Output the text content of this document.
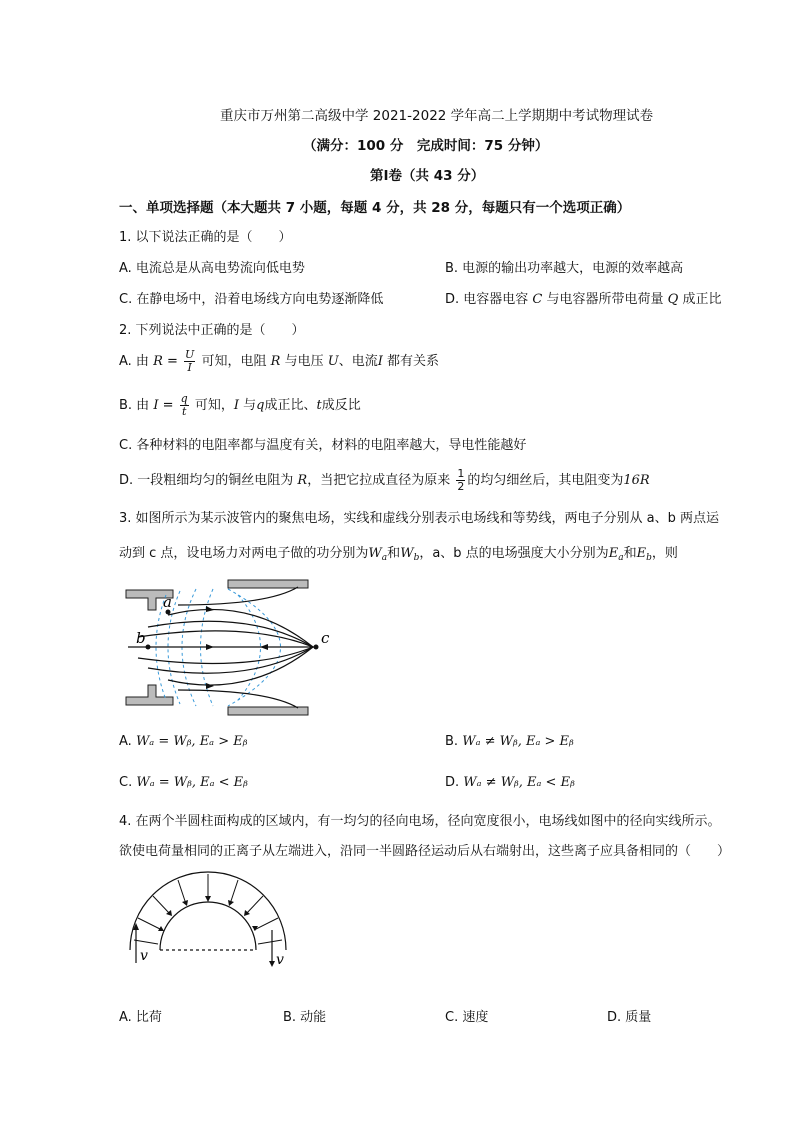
重庆市万州第二高级中学 2021-2022 学年高二上学期期中考试物理试卷
（满分：100 分　完成时间：75 分钟）
第Ⅰ卷（共 43 分）
一、单项选择题（本大题共 7 小题，每题 4 分，共 28 分，每题只有一个选项正确）
1. 以下说法正确的是（　　）
A. 电流总是从高电势流向低电势	B. 电源的输出功率越大，电源的效率越高
C. 在静电场中，沿着电场线方向电势逐渐降低	D. 电容器电容 C 与电容器所带电荷量 Q 成正比
2. 下列说法中正确的是（　　）
A. 由 $R = \frac{U}{I}$ 可知，电阻 R 与电压 U、电流I 都有关系
B. 由 $I = \frac{q}{t}$ 可知，I 与q成正比、t成反比
C. 各种材料的电阻率都与温度有关，材料的电阻率越大，导电性能越好
D. 一段粗细均匀的铜丝电阻为 R，当把它拉成直径为原来 $\frac{1}{2}$ 的均匀细丝后，其电阻变为16R
3. 如图所示为某示波管内的聚焦电场，实线和虚线分别表示电场线和等势线，两电子分别从 a、b 两点运
动到 c 点，设电场力对两电子做的功分别为$W_a$和$W_b$，a、b 点的电场强度大小分别为$E_a$和$E_b$，则
a
b	c
A. Wₐ = Wᵦ, Eₐ > Eᵦ	B. Wₐ ≠ Wᵦ, Eₐ > Eᵦ
C. Wₐ = Wᵦ, Eₐ < Eᵦ	D. Wₐ ≠ Wᵦ, Eₐ < Eᵦ
4. 在两个半圆柱面构成的区域内，有一均匀的径向电场，径向宽度很小，电场线如图中的径向实线所示。
欲使电荷量相同的正离子从左端进入，沿同一半圆路径运动后从右端射出，这些离子应具备相同的（　　）
v	v
A. 比荷	B. 动能	C. 速度	D. 质量
